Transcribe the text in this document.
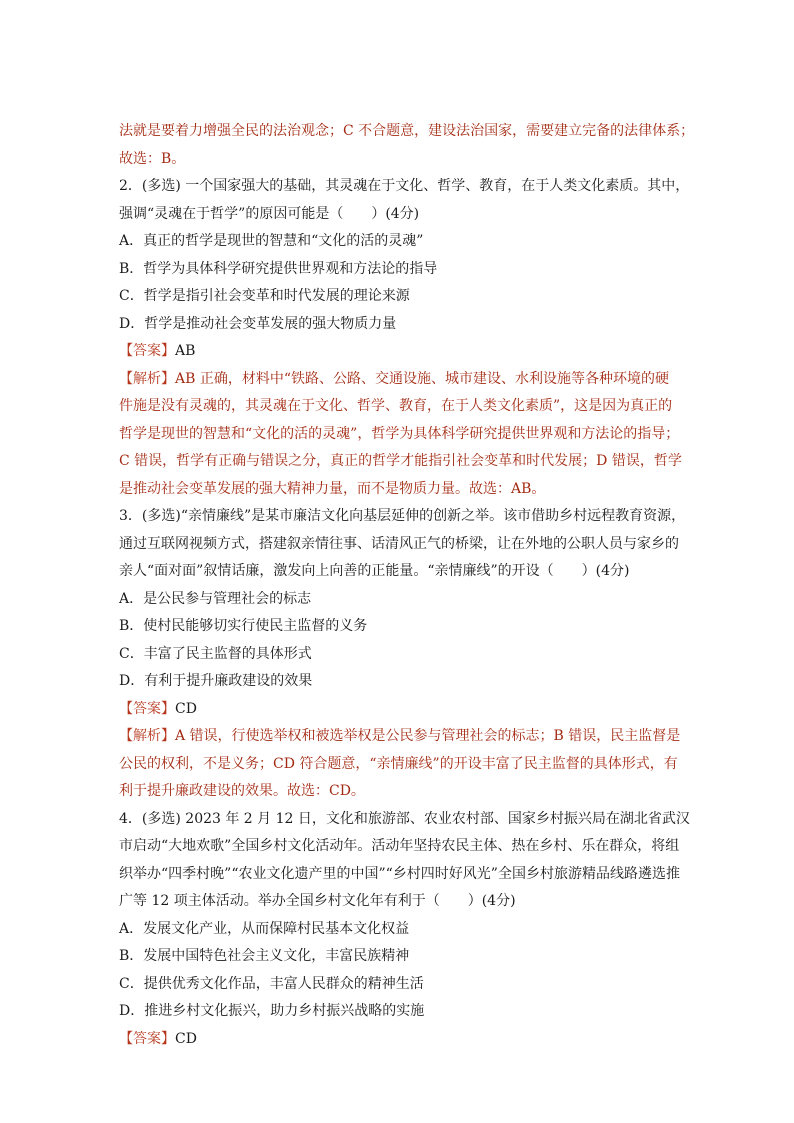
法就是要着力增强全民的法治观念；C 不合题意，建设法治国家，需要建立完备的法律体系；
故选：B。
2．(多选) 一个国家强大的基础，其灵魂在于文化、哲学、教育，在于人类文化素质。其中，
强调“灵魂在于哲学”的原因可能是（　　）(4分)
A．真正的哲学是现世的智慧和“文化的活的灵魂”
B．哲学为具体科学研究提供世界观和方法论的指导
C．哲学是指引社会变革和时代发展的理论来源
D．哲学是推动社会变革发展的强大物质力量
【答案】AB
【解析】AB 正确，材料中“铁路、公路、交通设施、城市建设、水利设施等各种环境的硬
件施是没有灵魂的，其灵魂在于文化、哲学、教育，在于人类文化素质”，这是因为真正的
哲学是现世的智慧和“文化的活的灵魂”，哲学为具体科学研究提供世界观和方法论的指导；
C 错误，哲学有正确与错误之分，真正的哲学才能指引社会变革和时代发展；D 错误，哲学
是推动社会变革发展的强大精神力量，而不是物质力量。故选：AB。
3．(多选)“亲情廉线”是某市廉洁文化向基层延伸的创新之举。该市借助乡村远程教育资源，
通过互联网视频方式，搭建叙亲情往事、话清风正气的桥梁，让在外地的公职人员与家乡的
亲人“面对面”叙情话廉，激发向上向善的正能量。“亲情廉线”的开设（　　）(4分)
A．是公民参与管理社会的标志
B．使村民能够切实行使民主监督的义务
C．丰富了民主监督的具体形式
D．有利于提升廉政建设的效果
【答案】CD
【解析】A 错误，行使选举权和被选举权是公民参与管理社会的标志；B 错误，民主监督是
公民的权利，不是义务；CD 符合题意，“亲情廉线”的开设丰富了民主监督的具体形式，有
利于提升廉政建设的效果。故选：CD。
4．(多选) 2023 年 2 月 12 日，文化和旅游部、农业农村部、国家乡村振兴局在湖北省武汉
市启动“大地欢歌”全国乡村文化活动年。活动年坚持农民主体、热在乡村、乐在群众，将组
织举办“四季村晚”“农业文化遗产里的中国”“乡村四时好风光”全国乡村旅游精品线路遴选推
广等 12 项主体活动。举办全国乡村文化年有利于（　　）(4分)
A．发展文化产业，从而保障村民基本文化权益
B．发展中国特色社会主义文化，丰富民族精神
C．提供优秀文化作品，丰富人民群众的精神生活
D．推进乡村文化振兴，助力乡村振兴战略的实施
【答案】CD
